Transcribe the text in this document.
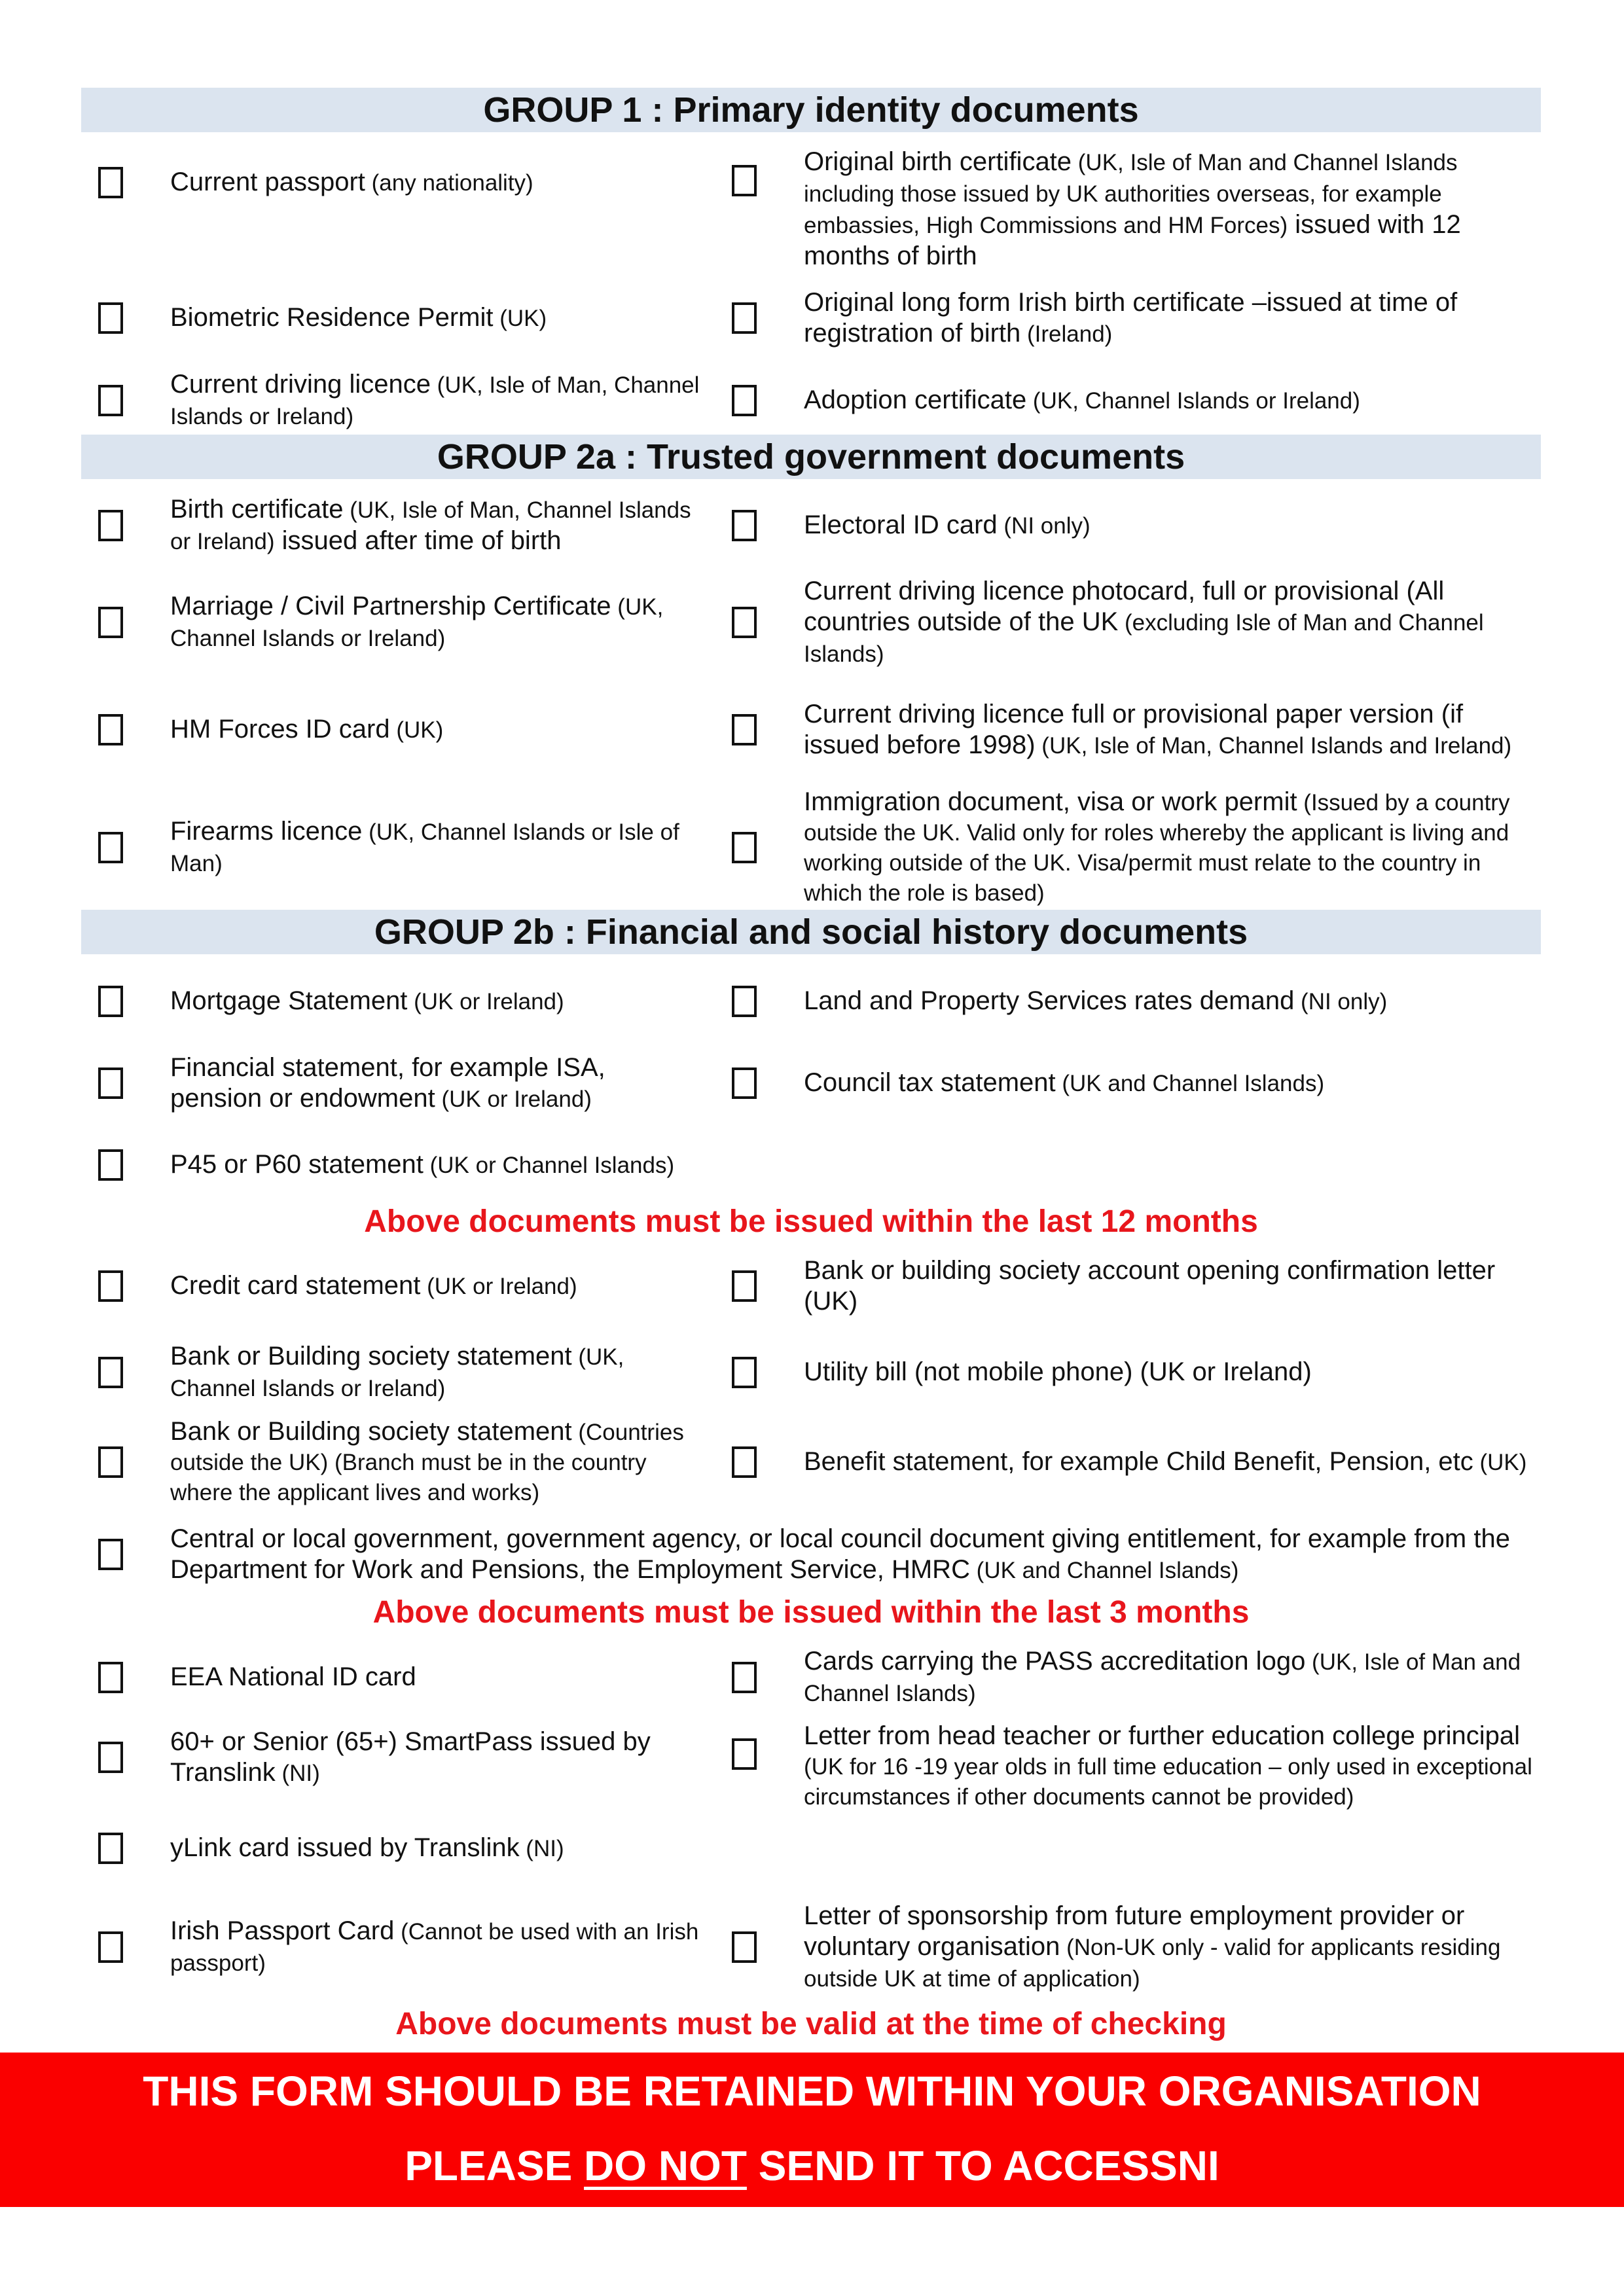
GROUP 1 : Primary identity documents
Current passport (any nationality)
Original birth certificate (UK, Isle of Man and Channel Islands including those issued by UK authorities overseas, for example embassies, High Commissions and HM Forces) issued with 12 months of birth
Biometric Residence Permit (UK)
Original long form Irish birth certificate –issued at time of registration of birth (Ireland)
Current driving licence (UK, Isle of Man, Channel Islands or Ireland)
Adoption certificate (UK, Channel Islands or Ireland)
GROUP 2a : Trusted government documents
Birth certificate (UK, Isle of Man, Channel Islands or Ireland) issued after time of birth
Electoral ID card (NI only)
Marriage / Civil Partnership Certificate (UK, Channel Islands or Ireland)
Current driving licence photocard, full or provisional (All countries outside of the UK (excluding Isle of Man and Channel Islands)
HM Forces ID card (UK)
Current driving licence full or provisional paper version (if issued before 1998) (UK, Isle of Man, Channel Islands and Ireland)
Firearms licence (UK, Channel Islands or Isle of Man)
Immigration document, visa or work permit (Issued by a country outside the UK. Valid only for roles whereby the applicant is living and working outside of the UK. Visa/permit must relate to the country in which the role is based)
GROUP 2b : Financial and social history documents
Mortgage Statement (UK or Ireland)	Land and Property Services rates demand (NI only)
Financial statement, for example ISA, pension or endowment (UK or Ireland)
Council tax statement (UK and Channel Islands)
P45 or P60 statement (UK or Channel Islands)
Above documents must be issued within the last 12 months
Credit card statement (UK or Ireland)
Bank or building society account opening confirmation letter (UK)
Bank or Building society statement (UK, Channel Islands or Ireland)
Utility bill (not mobile phone) (UK or Ireland)
Bank or Building society statement (Countries outside the UK) (Branch must be in the country where the applicant lives and works)
Benefit statement, for example Child Benefit, Pension, etc (UK)
Central or local government, government agency, or local council document giving entitlement, for example from the Department for Work and Pensions, the Employment Service, HMRC (UK and Channel Islands)
Above documents must be issued within the last 3 months
EEA National ID card
Cards carrying the PASS accreditation logo (UK, Isle of Man and Channel Islands)
60+ or Senior (65+) SmartPass issued by Translink (NI)
Letter from head teacher or further education college principal (UK for 16 -19 year olds in full time education – only used in exceptional circumstances if other documents cannot be provided)
yLink card issued by Translink (NI)
Irish Passport Card (Cannot be used with an Irish passport)
Letter of sponsorship from future employment provider or voluntary organisation (Non-UK only - valid for applicants residing outside UK at time of application)
Above documents must be valid at the time of checking
THIS FORM SHOULD BE RETAINED WITHIN YOUR ORGANISATION
PLEASE DO NOT SEND IT TO ACCESSNI
